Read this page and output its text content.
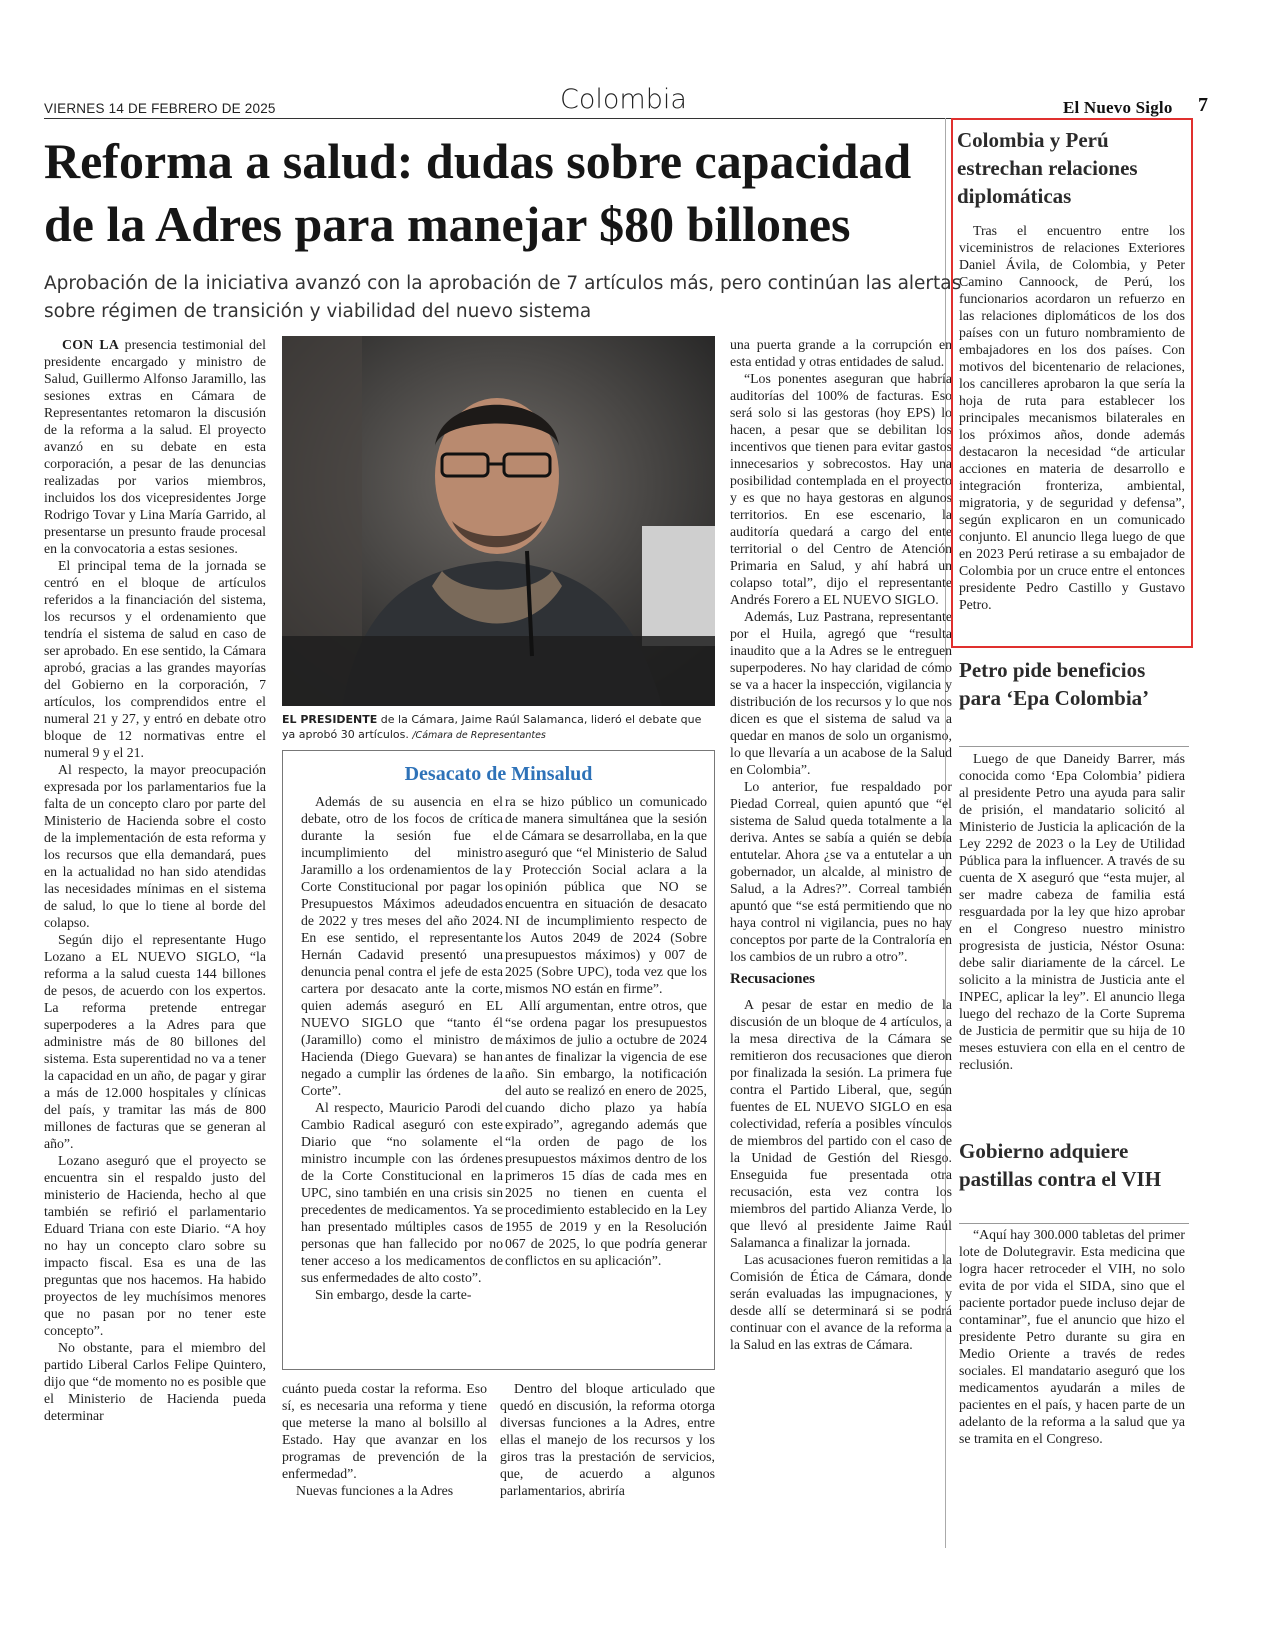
VIERNES 14 DE FEBRERO DE 2025	Colombia	El Nuevo Siglo 7
Reforma a salud: dudas sobre capacidad
de la Adres para manejar $80 billones
Aprobación de la iniciativa avanzó con la aprobación de 7 artículos más, pero continúan las alertas sobre régimen de transición y viabilidad del nuevo sistema

CON LA presencia testimonial del presidente encargado y ministro de Salud, Guillermo Alfonso Jaramillo, las sesiones extras en Cámara de Representantes retomaron la discusión de la reforma a la salud. El proyecto avanzó en su debate en esta corporación, a pesar de las denuncias realizadas por varios miembros, incluidos los dos vicepresidentes Jorge Rodrigo Tovar y Lina María Garrido, al presentarse un presunto fraude procesal en la convocatoria a estas sesiones.

El principal tema de la jornada se centró en el bloque de artículos referidos a la financiación del sistema, los recursos y el ordenamiento que tendría el sistema de salud en caso de ser aprobado. En ese sentido, la Cámara aprobó, gracias a las grandes mayorías del Gobierno en la corporación, 7 artículos, los comprendidos entre el numeral 21 y 27, y entró en debate otro bloque de 12 normativas entre el numeral 9 y el 21.

Al respecto, la mayor preocupación expresada por los parlamentarios fue la falta de un concepto claro por parte del Ministerio de Hacienda sobre el costo de la implementación de esta reforma y los recursos que ella demandará, pues en la actualidad no han sido atendidas las necesidades mínimas en el sistema de salud, lo que lo tiene al borde del colapso.

Según dijo el representante Hugo Lozano a EL NUEVO SIGLO, “la reforma a la salud cuesta 144 billones de pesos, de acuerdo con los expertos. La reforma pretende entregar superpoderes a la Adres para que administre más de 80 billones del sistema. Esta superentidad no va a tener la capacidad en un año, de pagar y girar a más de 12.000 hospitales y clínicas del país, y tramitar las más de 800 millones de facturas que se generan al año”.

Lozano aseguró que el proyecto se encuentra sin el respaldo justo del ministerio de Hacienda, hecho al que también se refirió el parlamentario Eduard Triana con este Diario. “A hoy no hay un concepto claro sobre su impacto fiscal. Esa es una de las preguntas que nos hacemos. Ha habido proyectos de ley muchísimos menores que no pasan por no tener este concepto”.

No obstante, para el miembro del partido Liberal Carlos Felipe Quintero, dijo que “de momento no es posible que el Ministerio de Hacienda pueda determinar

EL PRESIDENTE de la Cámara, Jaime Raúl Salamanca, lideró el debate que ya aprobó 30 artículos. /Cámara de Representantes
Desacato de Minsalud

Además de su ausencia en el debate, otro de los focos de crítica durante la sesión fue el incumplimiento del ministro Jaramillo a los ordenamientos de la Corte Constitucional por pagar los Presupuestos Máximos adeudados de 2022 y tres meses del año 2024. En ese sentido, el representante Hernán Cadavid presentó una denuncia penal contra el jefe de esta cartera por desacato ante la corte, quien además aseguró en EL NUEVO SIGLO que “tanto él (Jaramillo) como el ministro de Hacienda (Diego Guevara) se han negado a cumplir las órdenes de la Corte”.

Al respecto, Mauricio Parodi del Cambio Radical aseguró con este Diario que “no solamente el ministro incumple con las órdenes de la Corte Constitucional en la UPC, sino también en una crisis sin precedentes de medicamentos. Ya se han presentado múltiples casos de personas que han fallecido por no tener acceso a los medicamentos de sus enfermedades de alto costo”.

Sin embargo, desde la carte-

ra se hizo público un comunicado de manera simultánea que la sesión de Cámara se desarrollaba, en la que aseguró que “el Ministerio de Salud y Protección Social aclara a la opinión pública que NO se encuentra en situación de desacato NI de incumplimiento respecto de los Autos 2049 de 2024 (Sobre presupuestos máximos) y 007 de 2025 (Sobre UPC), toda vez que los mismos NO están en firme”.

Allí argumentan, entre otros, que “se ordena pagar los presupuestos máximos de julio a octubre de 2024 antes de finalizar la vigencia de ese año. Sin embargo, la notificación del auto se realizó en enero de 2025, cuando dicho plazo ya había expirado”, agregando además que “la orden de pago de los presupuestos máximos dentro de los primeros 15 días de cada mes en 2025 no tienen en cuenta el procedimiento establecido en la Ley 1955 de 2019 y en la Resolución 067 de 2025, lo que podría generar conflictos en su aplicación”.

cuánto pueda costar la reforma. Eso sí, es necesaria una reforma y tiene que meterse la mano al bolsillo al Estado. Hay que avanzar en los programas de prevención de la enfermedad”.

Nuevas funciones a la Adres

Dentro del bloque articulado que quedó en discusión, la reforma otorga diversas funciones a la Adres, entre ellas el manejo de los recursos y los giros tras la prestación de servicios, que, de acuerdo a algunos parlamentarios, abriría

una puerta grande a la corrupción en esta entidad y otras entidades de salud.

“Los ponentes aseguran que habría auditorías del 100% de facturas. Eso será solo si las gestoras (hoy EPS) lo hacen, a pesar que se debilitan los incentivos que tienen para evitar gastos innecesarios y sobrecostos. Hay una posibilidad contemplada en el proyecto y es que no haya gestoras en algunos territorios. En ese escenario, la auditoría quedará a cargo del ente territorial o del Centro de Atención Primaria en Salud, y ahí habrá un colapso total”, dijo el representante Andrés Forero a EL NUEVO SIGLO.

Además, Luz Pastrana, representante por el Huila, agregó que “resulta inaudito que a la Adres se le entreguen superpoderes. No hay claridad de cómo se va a hacer la inspección, vigilancia y distribución de los recursos y lo que nos dicen es que el sistema de salud va a quedar en manos de solo un organismo, lo que llevaría a un acabose de la Salud en Colombia”.

Lo anterior, fue respaldado por Piedad Correal, quien apuntó que “el sistema de Salud queda totalmente a la deriva. Antes se sabía a quién se debía entutelar. Ahora ¿se va a entutelar a un gobernador, un alcalde, al ministro de Salud, a la Adres?”. Correal también apuntó que “se está permitiendo que no haya control ni vigilancia, pues no hay conceptos por parte de la Contraloría en los cambios de un rubro a otro”.

Recusaciones

A pesar de estar en medio de la discusión de un bloque de 4 artículos, a la mesa directiva de la Cámara se remitieron dos recusaciones que dieron por finalizada la sesión. La primera fue contra el Partido Liberal, que, según fuentes de EL NUEVO SIGLO en esa colectividad, refería a posibles vínculos de miembros del partido con el caso de la Unidad de Gestión del Riesgo. Enseguida fue presentada otra recusación, esta vez contra los miembros del partido Alianza Verde, lo que llevó al presidente Jaime Raúl Salamanca a finalizar la jornada.

Las acusaciones fueron remitidas a la Comisión de Ética de Cámara, donde serán evaluadas las impugnaciones, y desde allí se determinará si se podrá continuar con el avance de la reforma a la Salud en las extras de Cámara.

Colombia y Perú estrechan relaciones diplomáticas

Tras el encuentro entre los viceministros de relaciones Exteriores Daniel Ávila, de Colombia, y Peter Camino Cannoock, de Perú, los funcionarios acordaron un refuerzo en las relaciones diplomáticos de los dos países con un futuro nombramiento de embajadores en los dos países. Con motivos del bicentenario de relaciones, los cancilleres aprobaron la que sería la hoja de ruta para establecer los principales mecanismos bilaterales en los próximos años, donde además destacaron la necesidad “de articular acciones en materia de desarrollo e integración fronteriza, ambiental, migratoria, y de seguridad y defensa”, según explicaron en un comunicado conjunto. El anuncio llega luego de que en 2023 Perú retirase a su embajador de Colombia por un cruce entre el entonces presidente Pedro Castillo y Gustavo Petro.

Petro pide beneficios para ‘Epa Colombia’

Luego de que Daneidy Barrer, más conocida como ‘Epa Colombia’ pidiera al presidente Petro una ayuda para salir de prisión, el mandatario solicitó al Ministerio de Justicia la aplicación de la Ley 2292 de 2023 o la Ley de Utilidad Pública para la influencer. A través de su cuenta de X aseguró que “esta mujer, al ser madre cabeza de familia está resguardada por la ley que hizo aprobar en el Congreso nuestro ministro progresista de justicia, Néstor Osuna: debe salir diariamente de la cárcel. Le solicito a la ministra de Justicia ante el INPEC, aplicar la ley”. El anuncio llega luego del rechazo de la Corte Suprema de Justicia de permitir que su hija de 10 meses estuviera con ella en el centro de reclusión.

Gobierno adquiere pastillas contra el VIH

“Aquí hay 300.000 tabletas del primer lote de Dolutegravir. Esta medicina que logra hacer retroceder el VIH, no solo evita de por vida el SIDA, sino que el paciente portador puede incluso dejar de contaminar”, fue el anuncio que hizo el presidente Petro durante su gira en Medio Oriente a través de redes sociales. El mandatario aseguró que los medicamentos ayudarán a miles de pacientes en el país, y hacen parte de un adelanto de la reforma a la salud que ya se tramita en el Congreso.
